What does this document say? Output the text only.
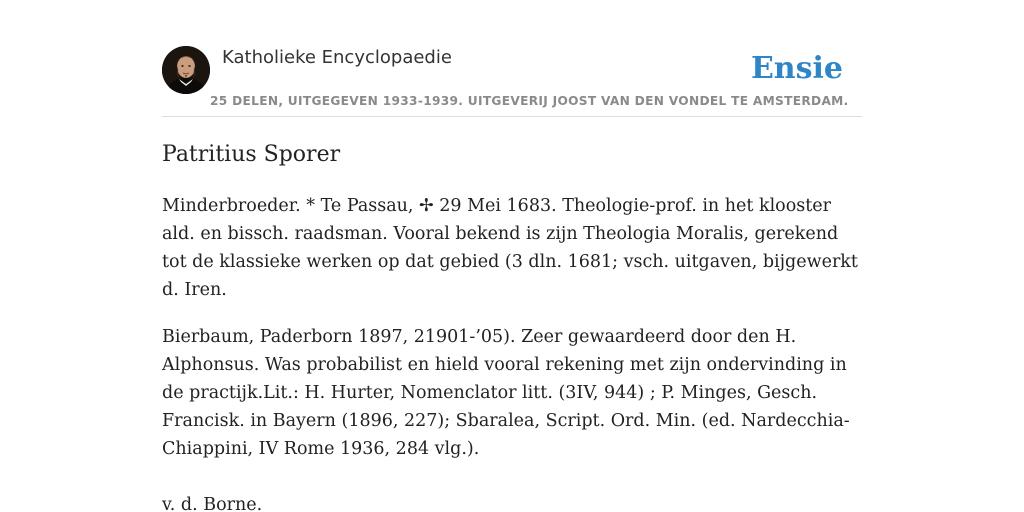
Katholieke Encyclopaedie
25 DELEN, UITGEGEVEN 1933-1939. UITGEVERIJ JOOST VAN DEN VONDEL TE AMSTERDAM.
Ensie
Patritius Sporer

Minderbroeder. * Te Passau, ✢ 29 Mei 1683. Theologie-prof. in het klooster ald. en bissch. raadsman. Vooral bekend is zijn Theologia Moralis, gerekend tot de klassieke werken op dat gebied (3 dln. 1681; vsch. uitgaven, bijgewerkt d. Iren.

Bierbaum, Paderborn 1897, 21901-’05). Zeer gewaardeerd door den H. Alphonsus. Was probabilist en hield vooral rekening met zijn ondervinding in de practijk.Lit.: H. Hurter, Nomenclator litt. (3IV, 944) ; P. Minges, Gesch. Francisk. in Bayern (1896, 227); Sbaralea, Script. Ord. Min. (ed. Nardecchia-Chiappini, IV Rome 1936, 284 vlg.).

v. d. Borne.
